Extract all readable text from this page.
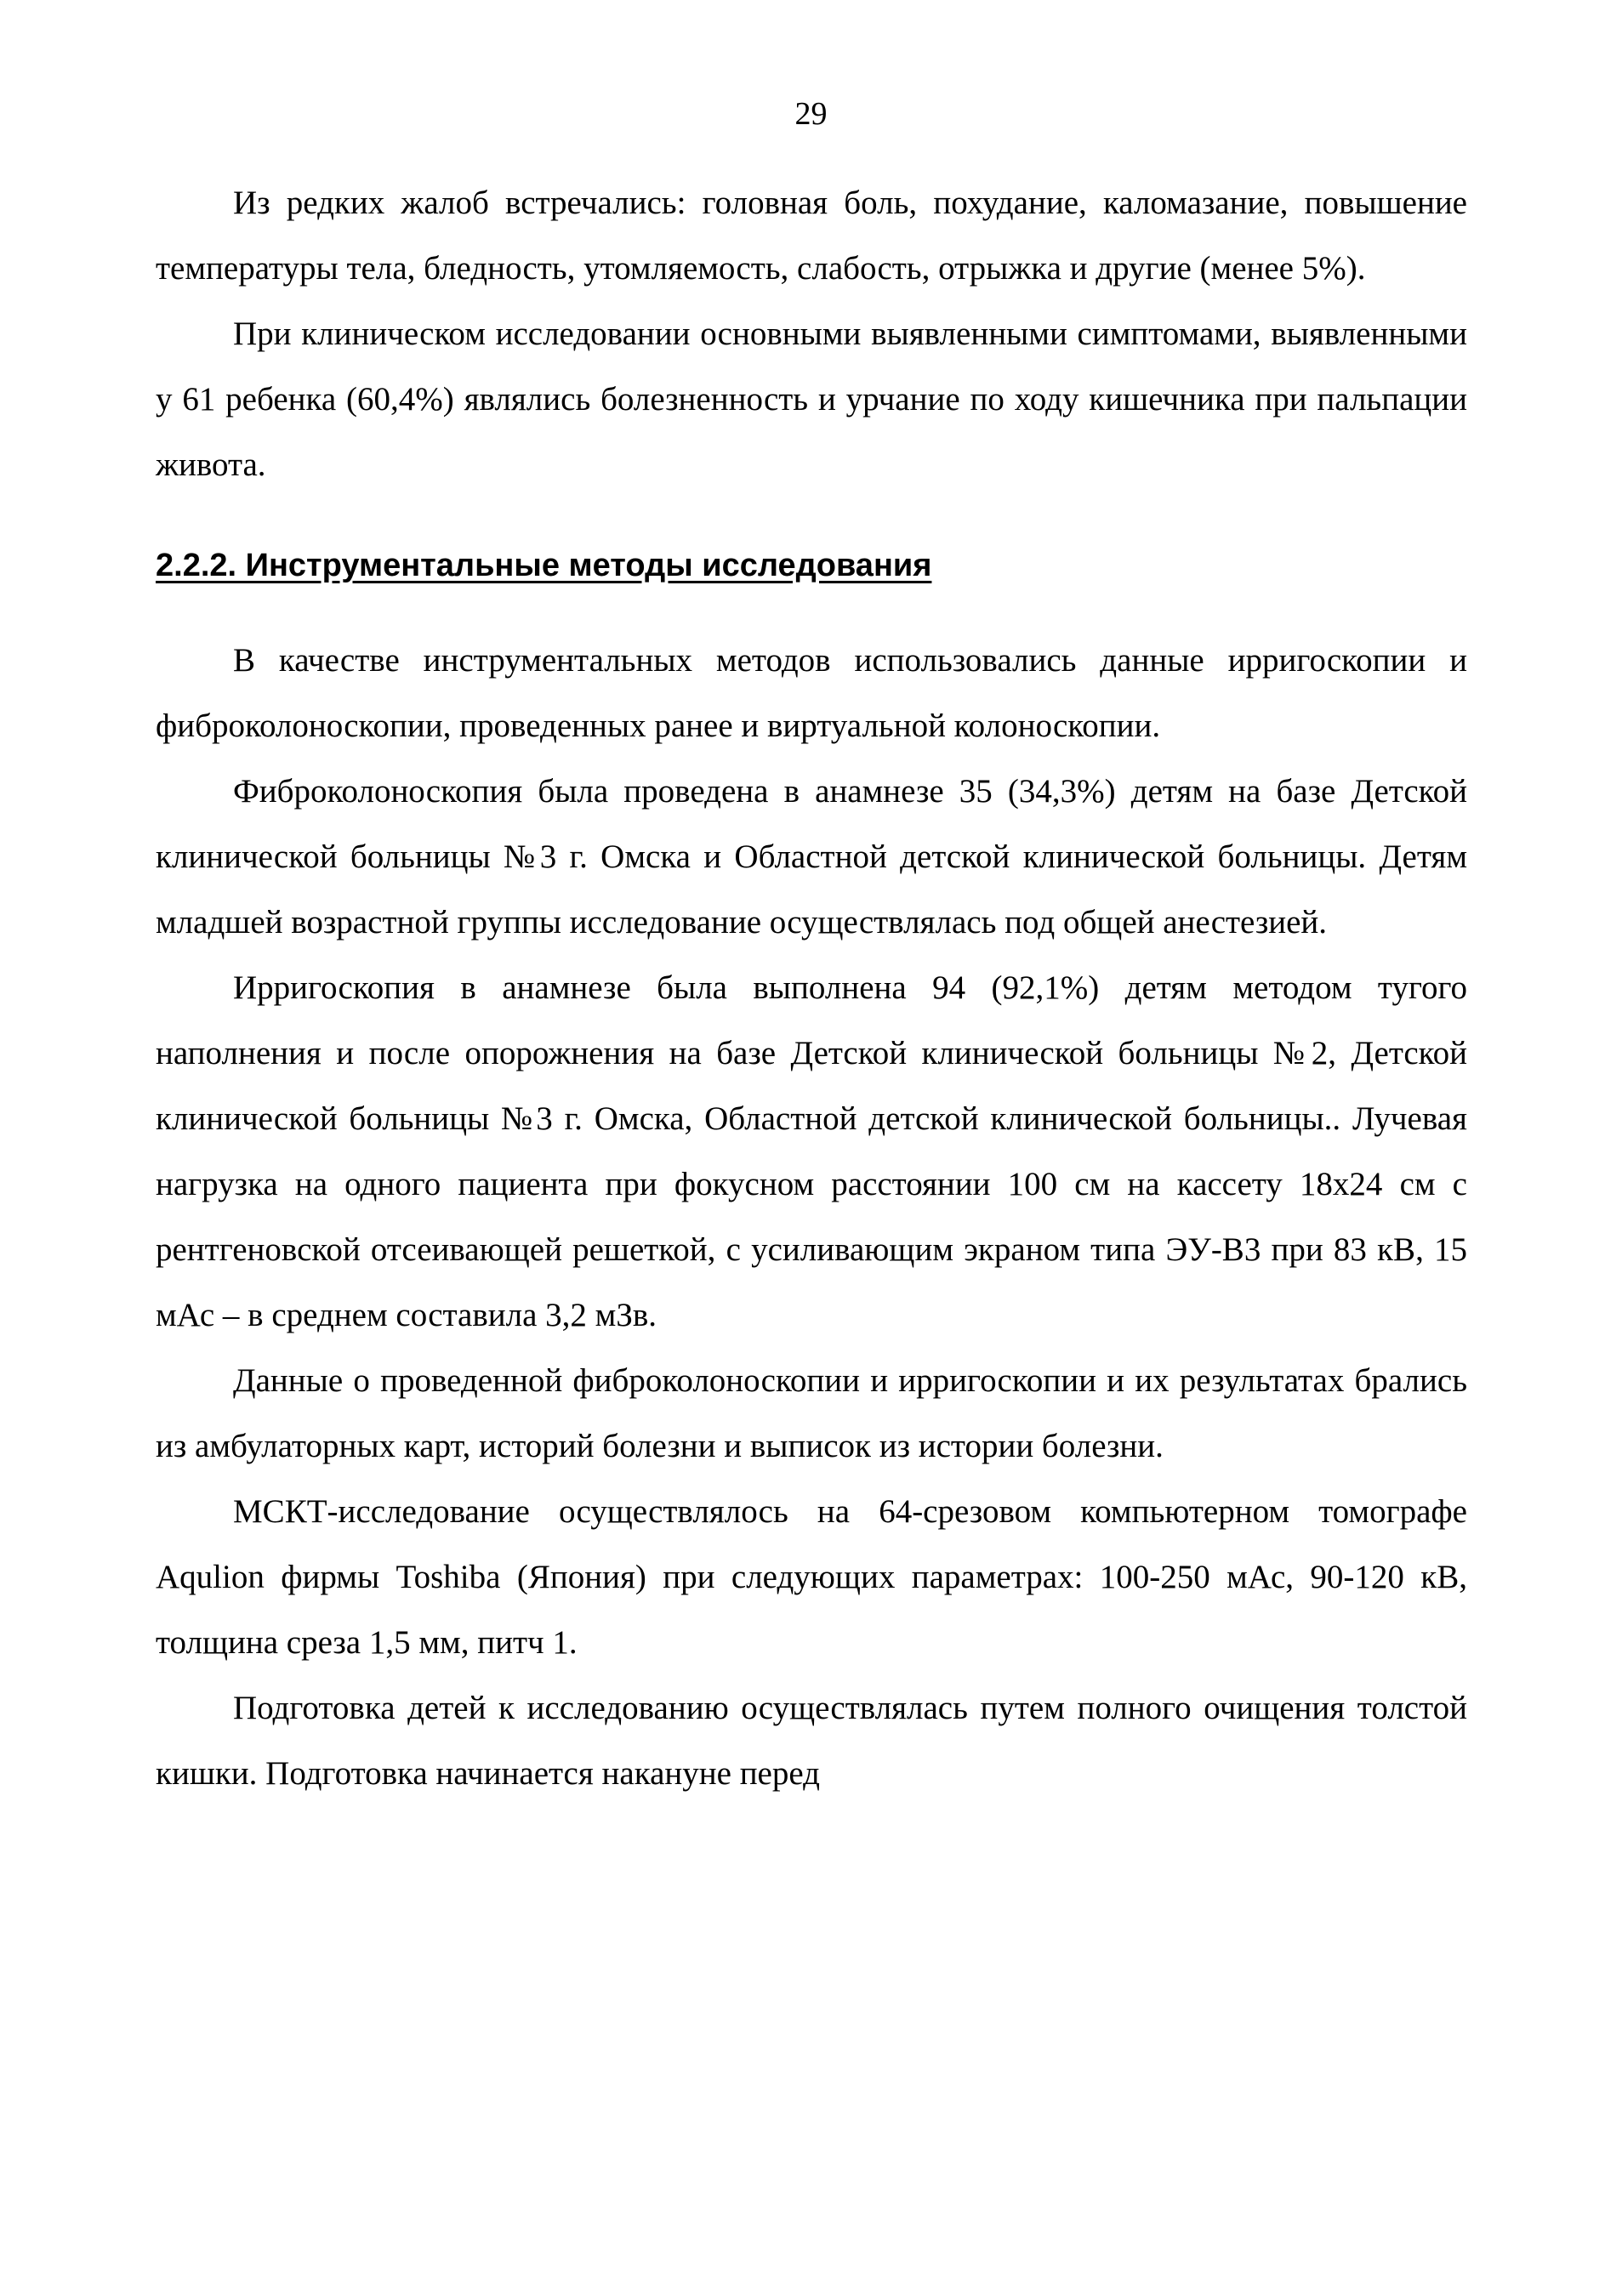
29

Из редких жалоб встречались: головная боль, похудание, каломазание, повышение температуры тела, бледность, утомляемость, слабость, отрыжка и другие (менее 5%).

При клиническом исследовании основными выявленными симптомами, выявленными у 61 ребенка (60,4%) являлись болезненность и урчание по ходу кишечника при пальпации живота.

2.2.2. Инструментальные методы исследования

В качестве инструментальных методов использовались данные ирригоскопии и фиброколоноскопии, проведенных ранее и виртуальной колоноскопии.

Фиброколоноскопия была проведена в анамнезе 35 (34,3%) детям на базе Детской клинической больницы №3 г. Омска и Областной детской клинической больницы. Детям младшей возрастной группы исследование осуществлялась под общей анестезией.

Ирригоскопия в анамнезе была выполнена 94 (92,1%) детям методом тугого наполнения и после опорожнения на базе Детской клинической больницы №2, Детской клинической больницы №3 г. Омска, Областной детской клинической больницы.. Лучевая нагрузка на одного пациента при фокусном расстоянии 100 см на кассету 18х24 см с рентгеновской отсеивающей решеткой, с усиливающим экраном типа ЭУ-В3 при 83 кВ, 15 мАс – в среднем составила 3,2 мЗв.

Данные о проведенной фиброколоноскопии и ирригоскопии и их результатах брались из амбулаторных карт, историй болезни и выписок из истории болезни.

МСКТ-исследование осуществлялось на 64-срезовом компьютерном томографе Aqulion фирмы Toshiba (Япония) при следующих параметрах: 100-250 мАс, 90-120 кВ, толщина среза 1,5 мм, питч 1.

Подготовка детей к исследованию осуществлялась путем полного очищения толстой кишки. Подготовка начинается накануне перед
